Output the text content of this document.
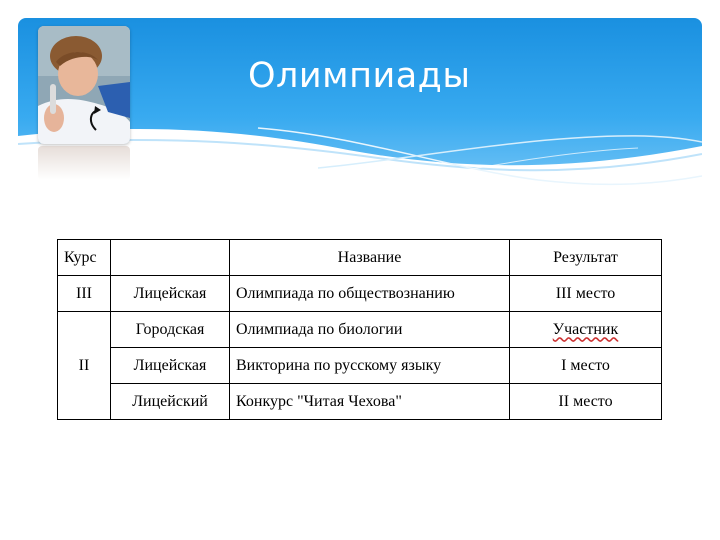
Олимпиады
Курс		Название	Результат
III	Лицейская	Олимпиада по обществознанию	III место
II	Городская	Олимпиада по биологии	Участник
	Лицейская	Викторина по русскому языку	I место
	Лицейский	Конкурс "Читая Чехова"	II место
